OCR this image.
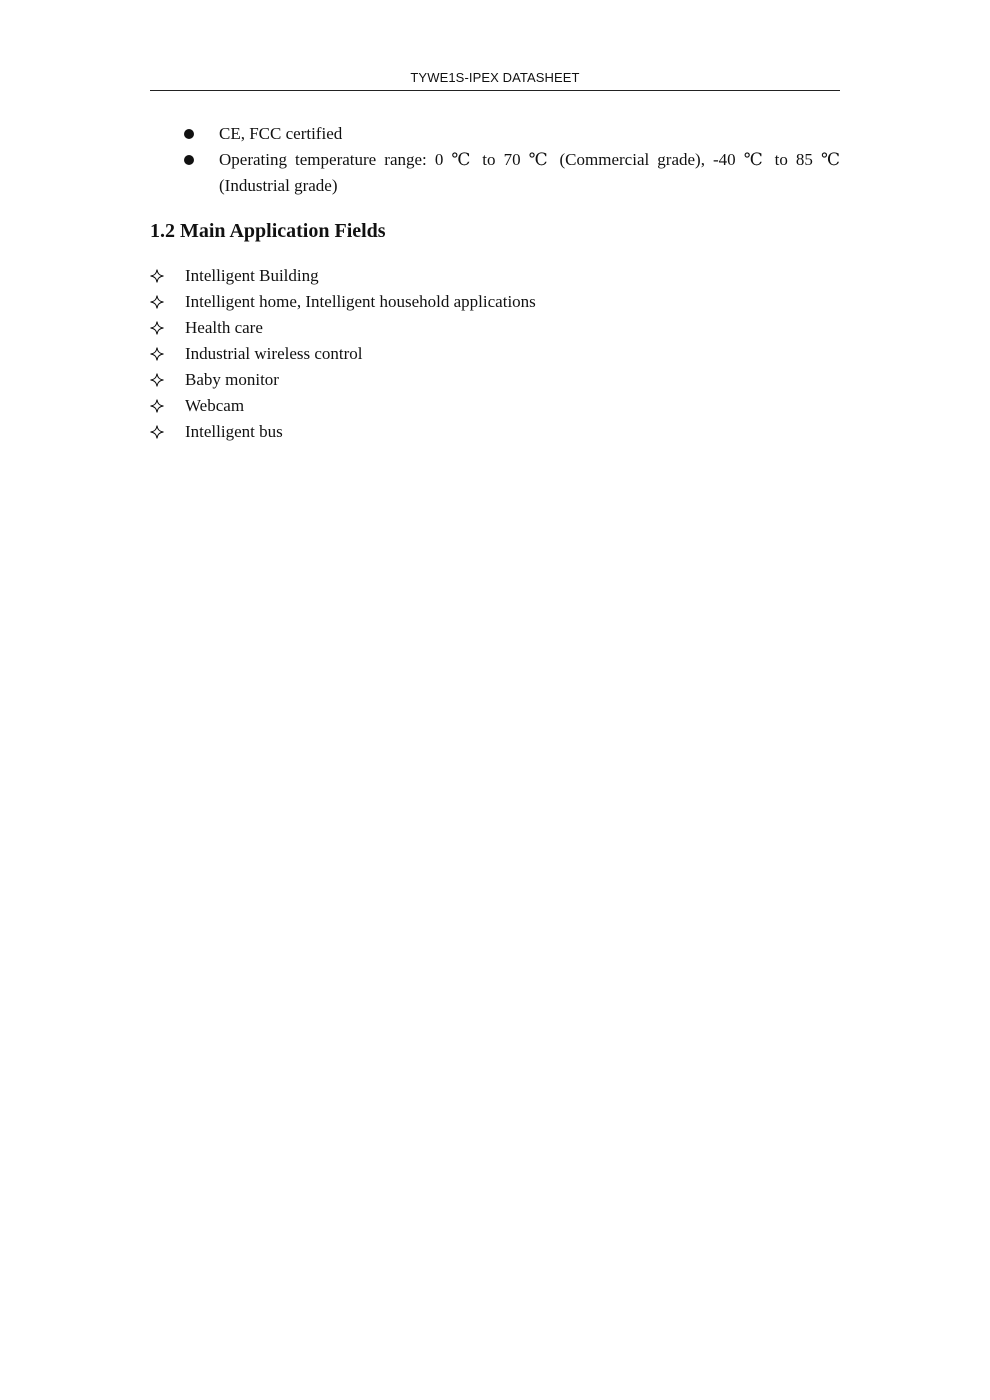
TYWE1S-IPEX DATASHEET
CE, FCC certified
Operating temperature range: 0 ℃ to 70 ℃ (Commercial grade), -40 ℃ to 85 ℃ (Industrial grade)
1.2 Main Application Fields
Intelligent Building
Intelligent home, Intelligent household applications
Health care
Industrial wireless control
Baby monitor
Webcam
Intelligent bus
